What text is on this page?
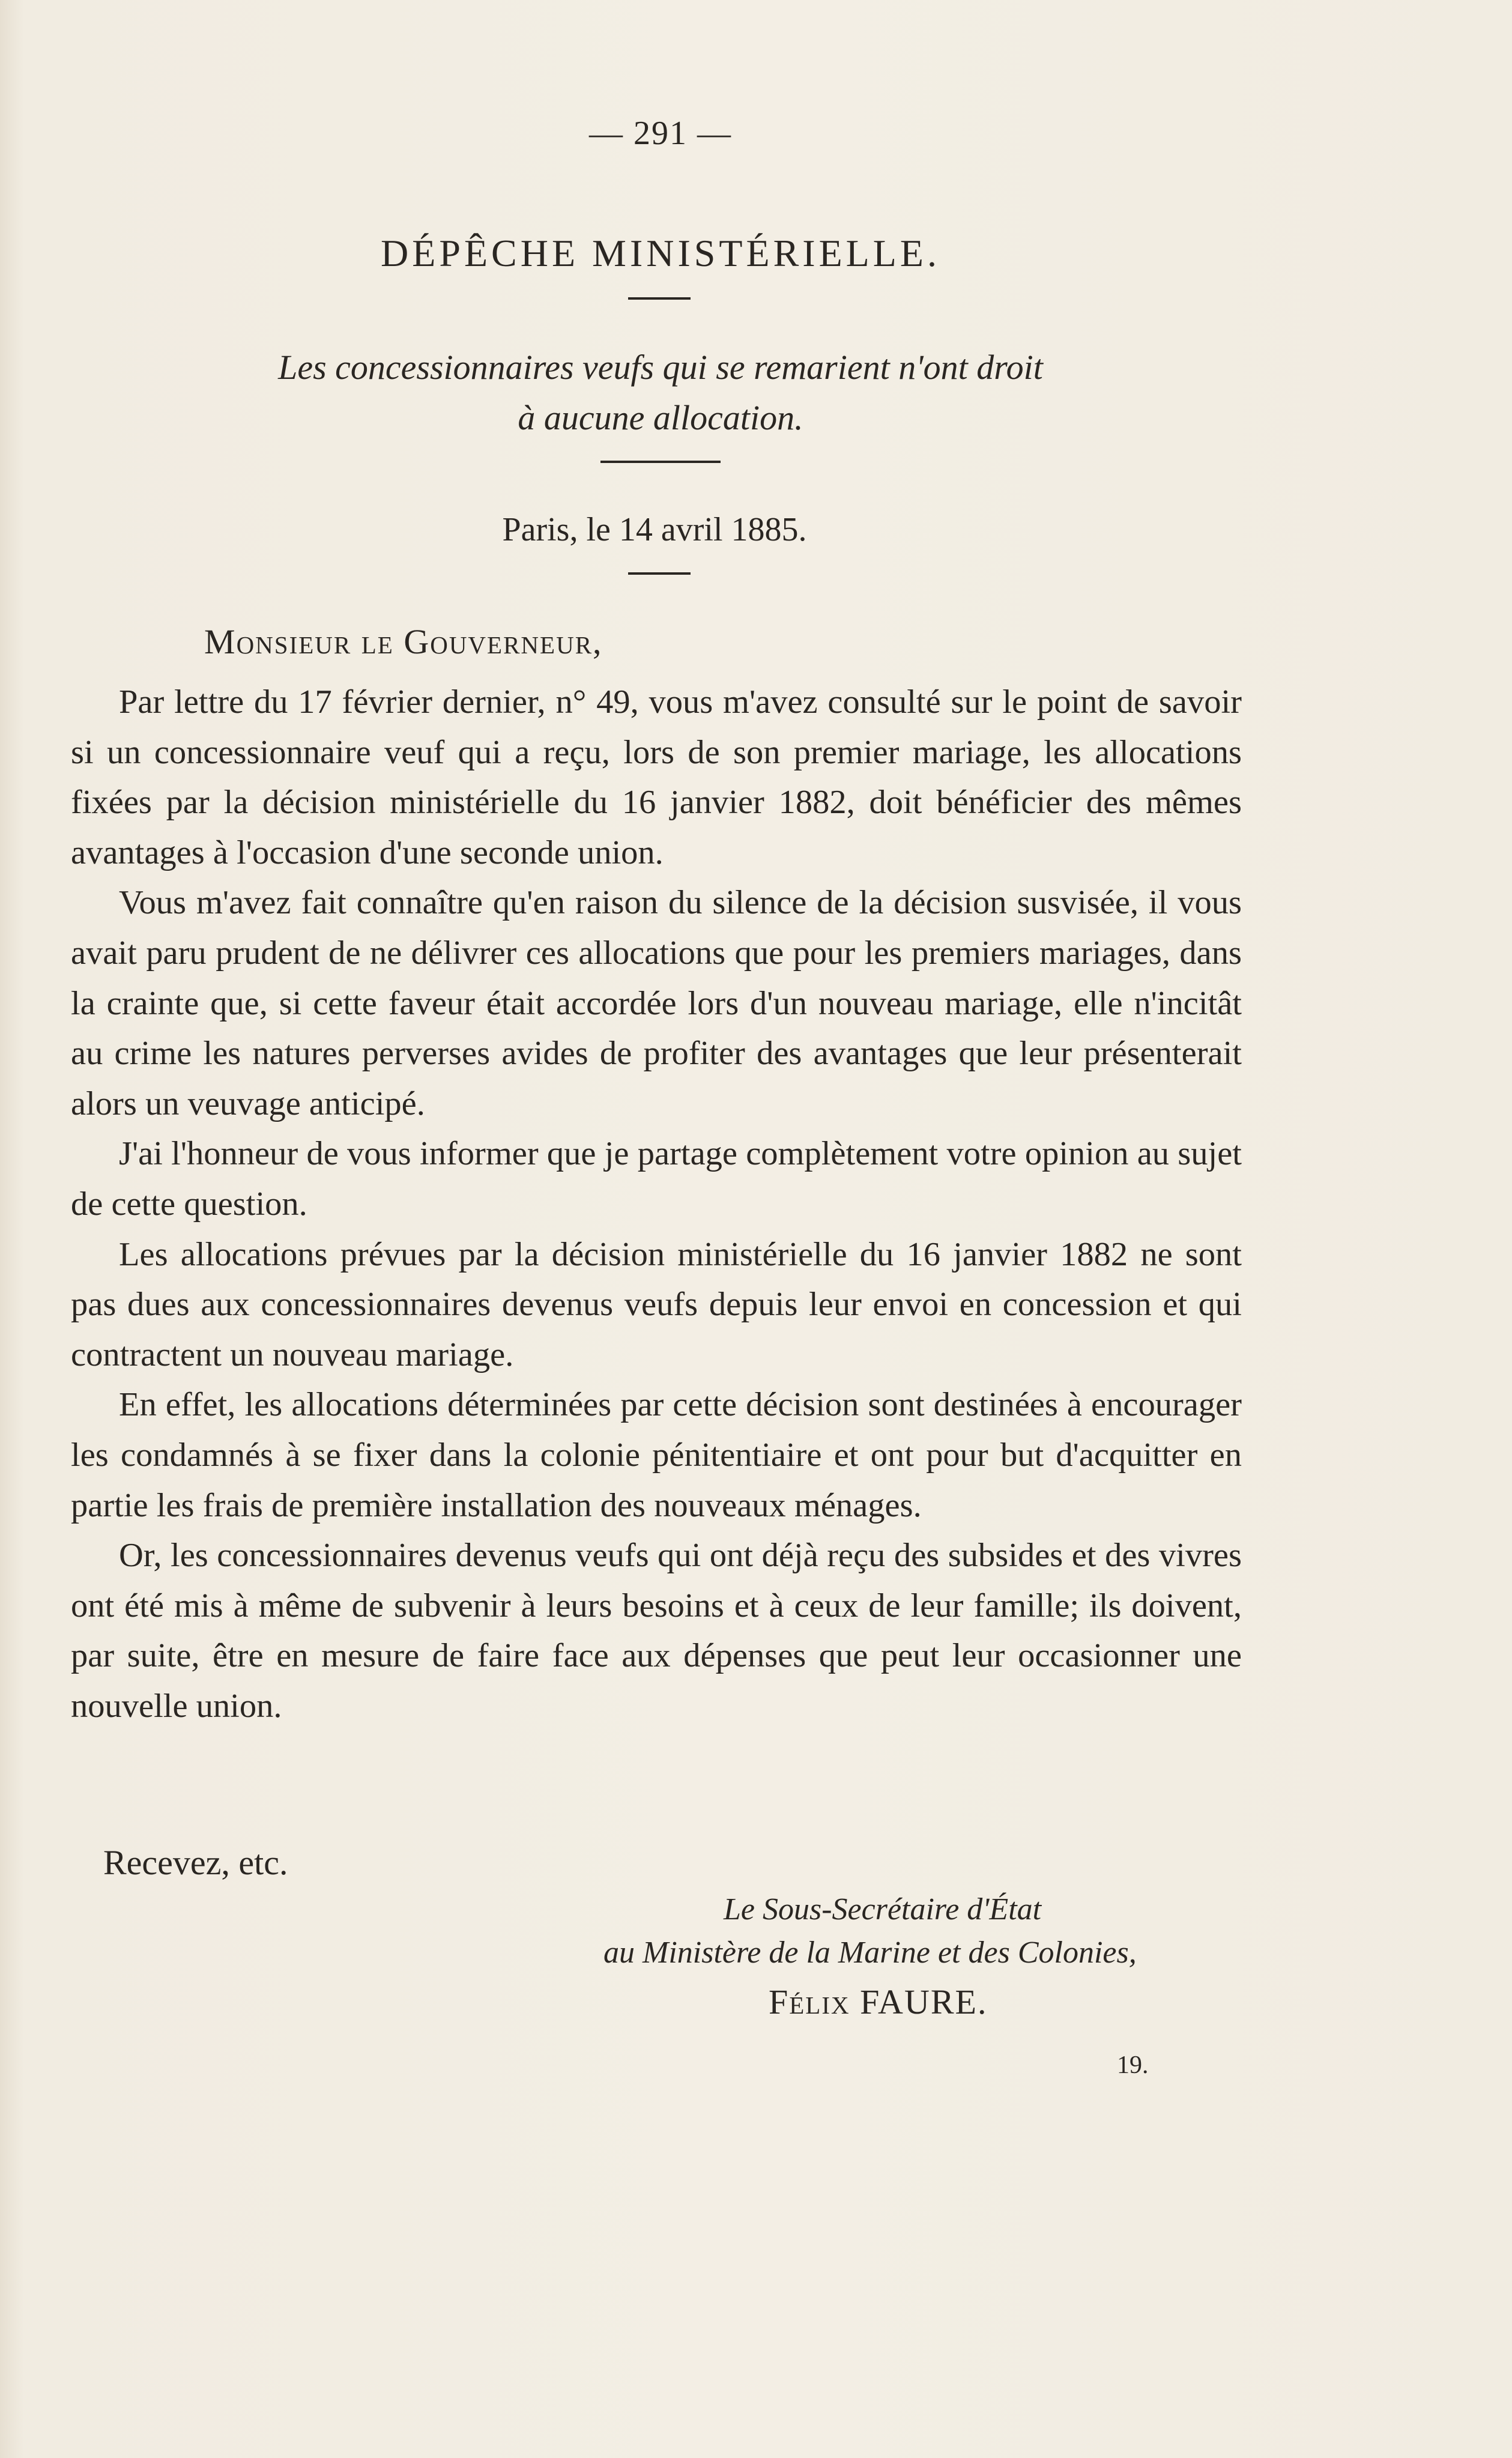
— 291 —
DÉPÊCHE MINISTÉRIELLE.
Les concessionnaires veufs qui se remarient n'ont droit
à aucune allocation.
Paris, le 14 avril 1885.
Monsieur le Gouverneur,

Par lettre du 17 février dernier, n° 49, vous m'avez consulté sur le point de savoir si un concessionnaire veuf qui a reçu, lors de son premier mariage, les allocations fixées par la décision ministérielle du 16 janvier 1882, doit bénéficier des mêmes avantages à l'occasion d'une seconde union.

Vous m'avez fait connaître qu'en raison du silence de la décision susvisée, il vous avait paru prudent de ne délivrer ces allocations que pour les premiers mariages, dans la crainte que, si cette faveur était accordée lors d'un nouveau mariage, elle n'incitât au crime les natures perverses avides de profiter des avantages que leur présenterait alors un veuvage anticipé.

J'ai l'honneur de vous informer que je partage complètement votre opinion au sujet de cette question.

Les allocations prévues par la décision ministérielle du 16 janvier 1882 ne sont pas dues aux concessionnaires devenus veufs depuis leur envoi en concession et qui contractent un nouveau mariage.

En effet, les allocations déterminées par cette décision sont destinées à encourager les condamnés à se fixer dans la colonie pénitentiaire et ont pour but d'acquitter en partie les frais de première installation des nouveaux ménages.

Or, les concessionnaires devenus veufs qui ont déjà reçu des subsides et des vivres ont été mis à même de subvenir à leurs besoins et à ceux de leur famille; ils doivent, par suite, être en mesure de faire face aux dépenses que peut leur occasionner une nouvelle union.

Recevez, etc.
Le Sous-Secrétaire d'État
au Ministère de la Marine et des Colonies,
Félix FAURE.
19.
